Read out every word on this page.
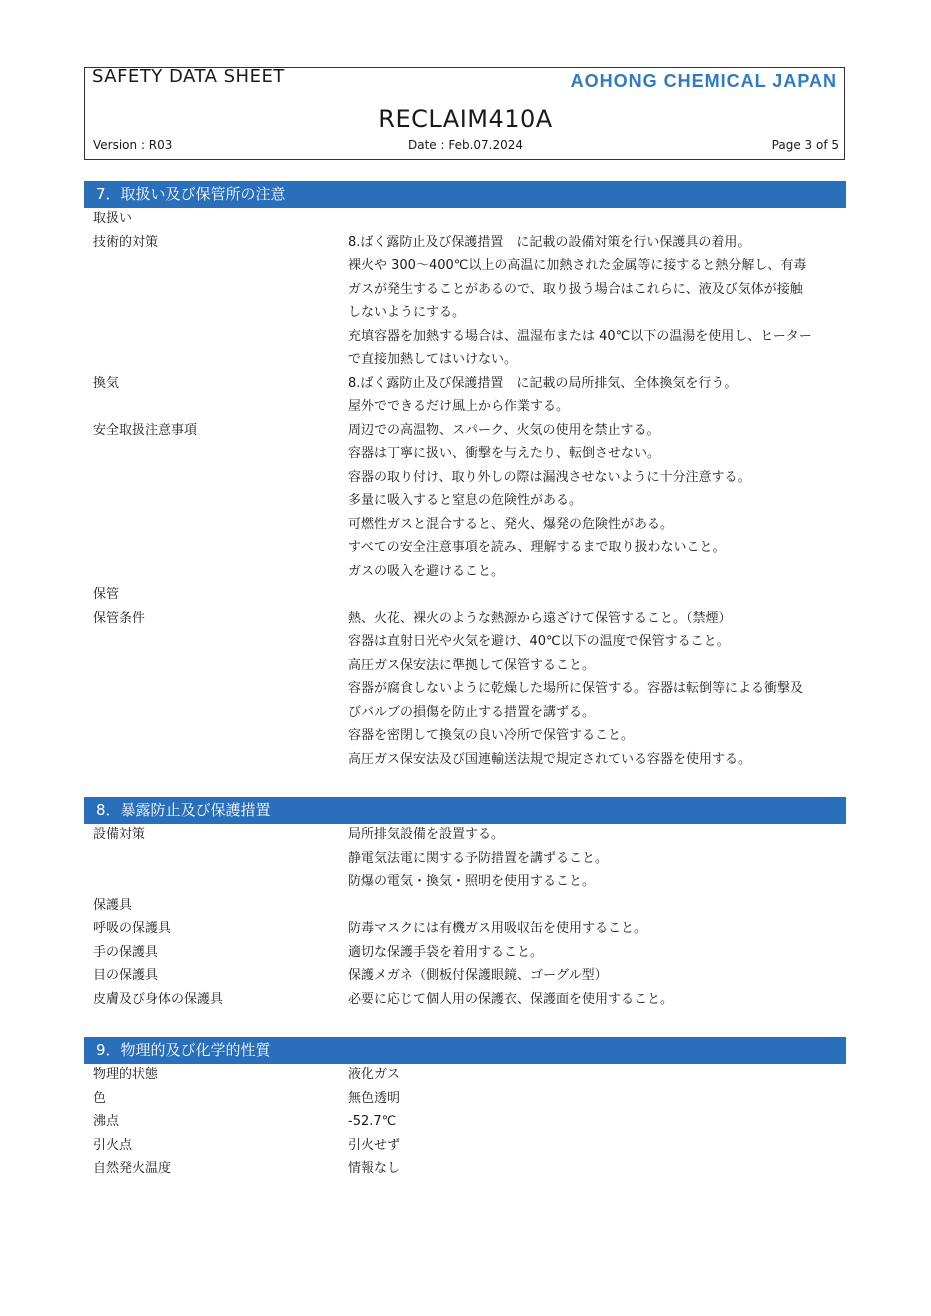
SAFETY DATA SHEET	AOHONG CHEMICAL JAPAN
RECLAIM410A
Version : R03	Date : Feb.07.2024	Page 3 of 5
7．取扱い及び保管所の注意
取扱い
技術的対策	8.ばく露防止及び保護措置　に記載の設備対策を行い保護具の着用。
裸火や 300〜400℃以上の高温に加熱された金属等に接すると熱分解し、有毒
ガスが発生することがあるので、取り扱う場合はこれらに、液及び気体が接触
しないようにする。
充填容器を加熱する場合は、温湿布または 40℃以下の温湯を使用し、ヒーター
で直接加熱してはいけない。
換気	8.ばく露防止及び保護措置　に記載の局所排気、全体換気を行う。
屋外でできるだけ風上から作業する。
安全取扱注意事項	周辺での高温物、スパーク、火気の使用を禁止する。
容器は丁寧に扱い、衝撃を与えたり、転倒させない。
容器の取り付け、取り外しの際は漏洩させないように十分注意する。
多量に吸入すると窒息の危険性がある。
可燃性ガスと混合すると、発火、爆発の危険性がある。
すべての安全注意事項を読み、理解するまで取り扱わないこと。
ガスの吸入を避けること。
保管
保管条件	熱、火花、裸火のような熱源から遠ざけて保管すること。（禁煙）
容器は直射日光や火気を避け、40℃以下の温度で保管すること。
高圧ガス保安法に準拠して保管すること。
容器が腐食しないように乾燥した場所に保管する。容器は転倒等による衝撃及
びバルブの損傷を防止する措置を講ずる。
容器を密閉して換気の良い冷所で保管すること。
高圧ガス保安法及び国連輸送法規で規定されている容器を使用する。
8．暴露防止及び保護措置
設備対策	局所排気設備を設置する。
静電気法電に関する予防措置を講ずること。
防爆の電気・換気・照明を使用すること。
保護具
呼吸の保護具	防毒マスクには有機ガス用吸収缶を使用すること。
手の保護具	適切な保護手袋を着用すること。
目の保護具	保護メガネ（側板付保護眼鏡、ゴーグル型）
皮膚及び身体の保護具	必要に応じて個人用の保護衣、保護面を使用すること。
9．物理的及び化学的性質
物理的状態	液化ガス
色	無色透明
沸点	-52.7℃
引火点	引火せず
自然発火温度	情報なし
